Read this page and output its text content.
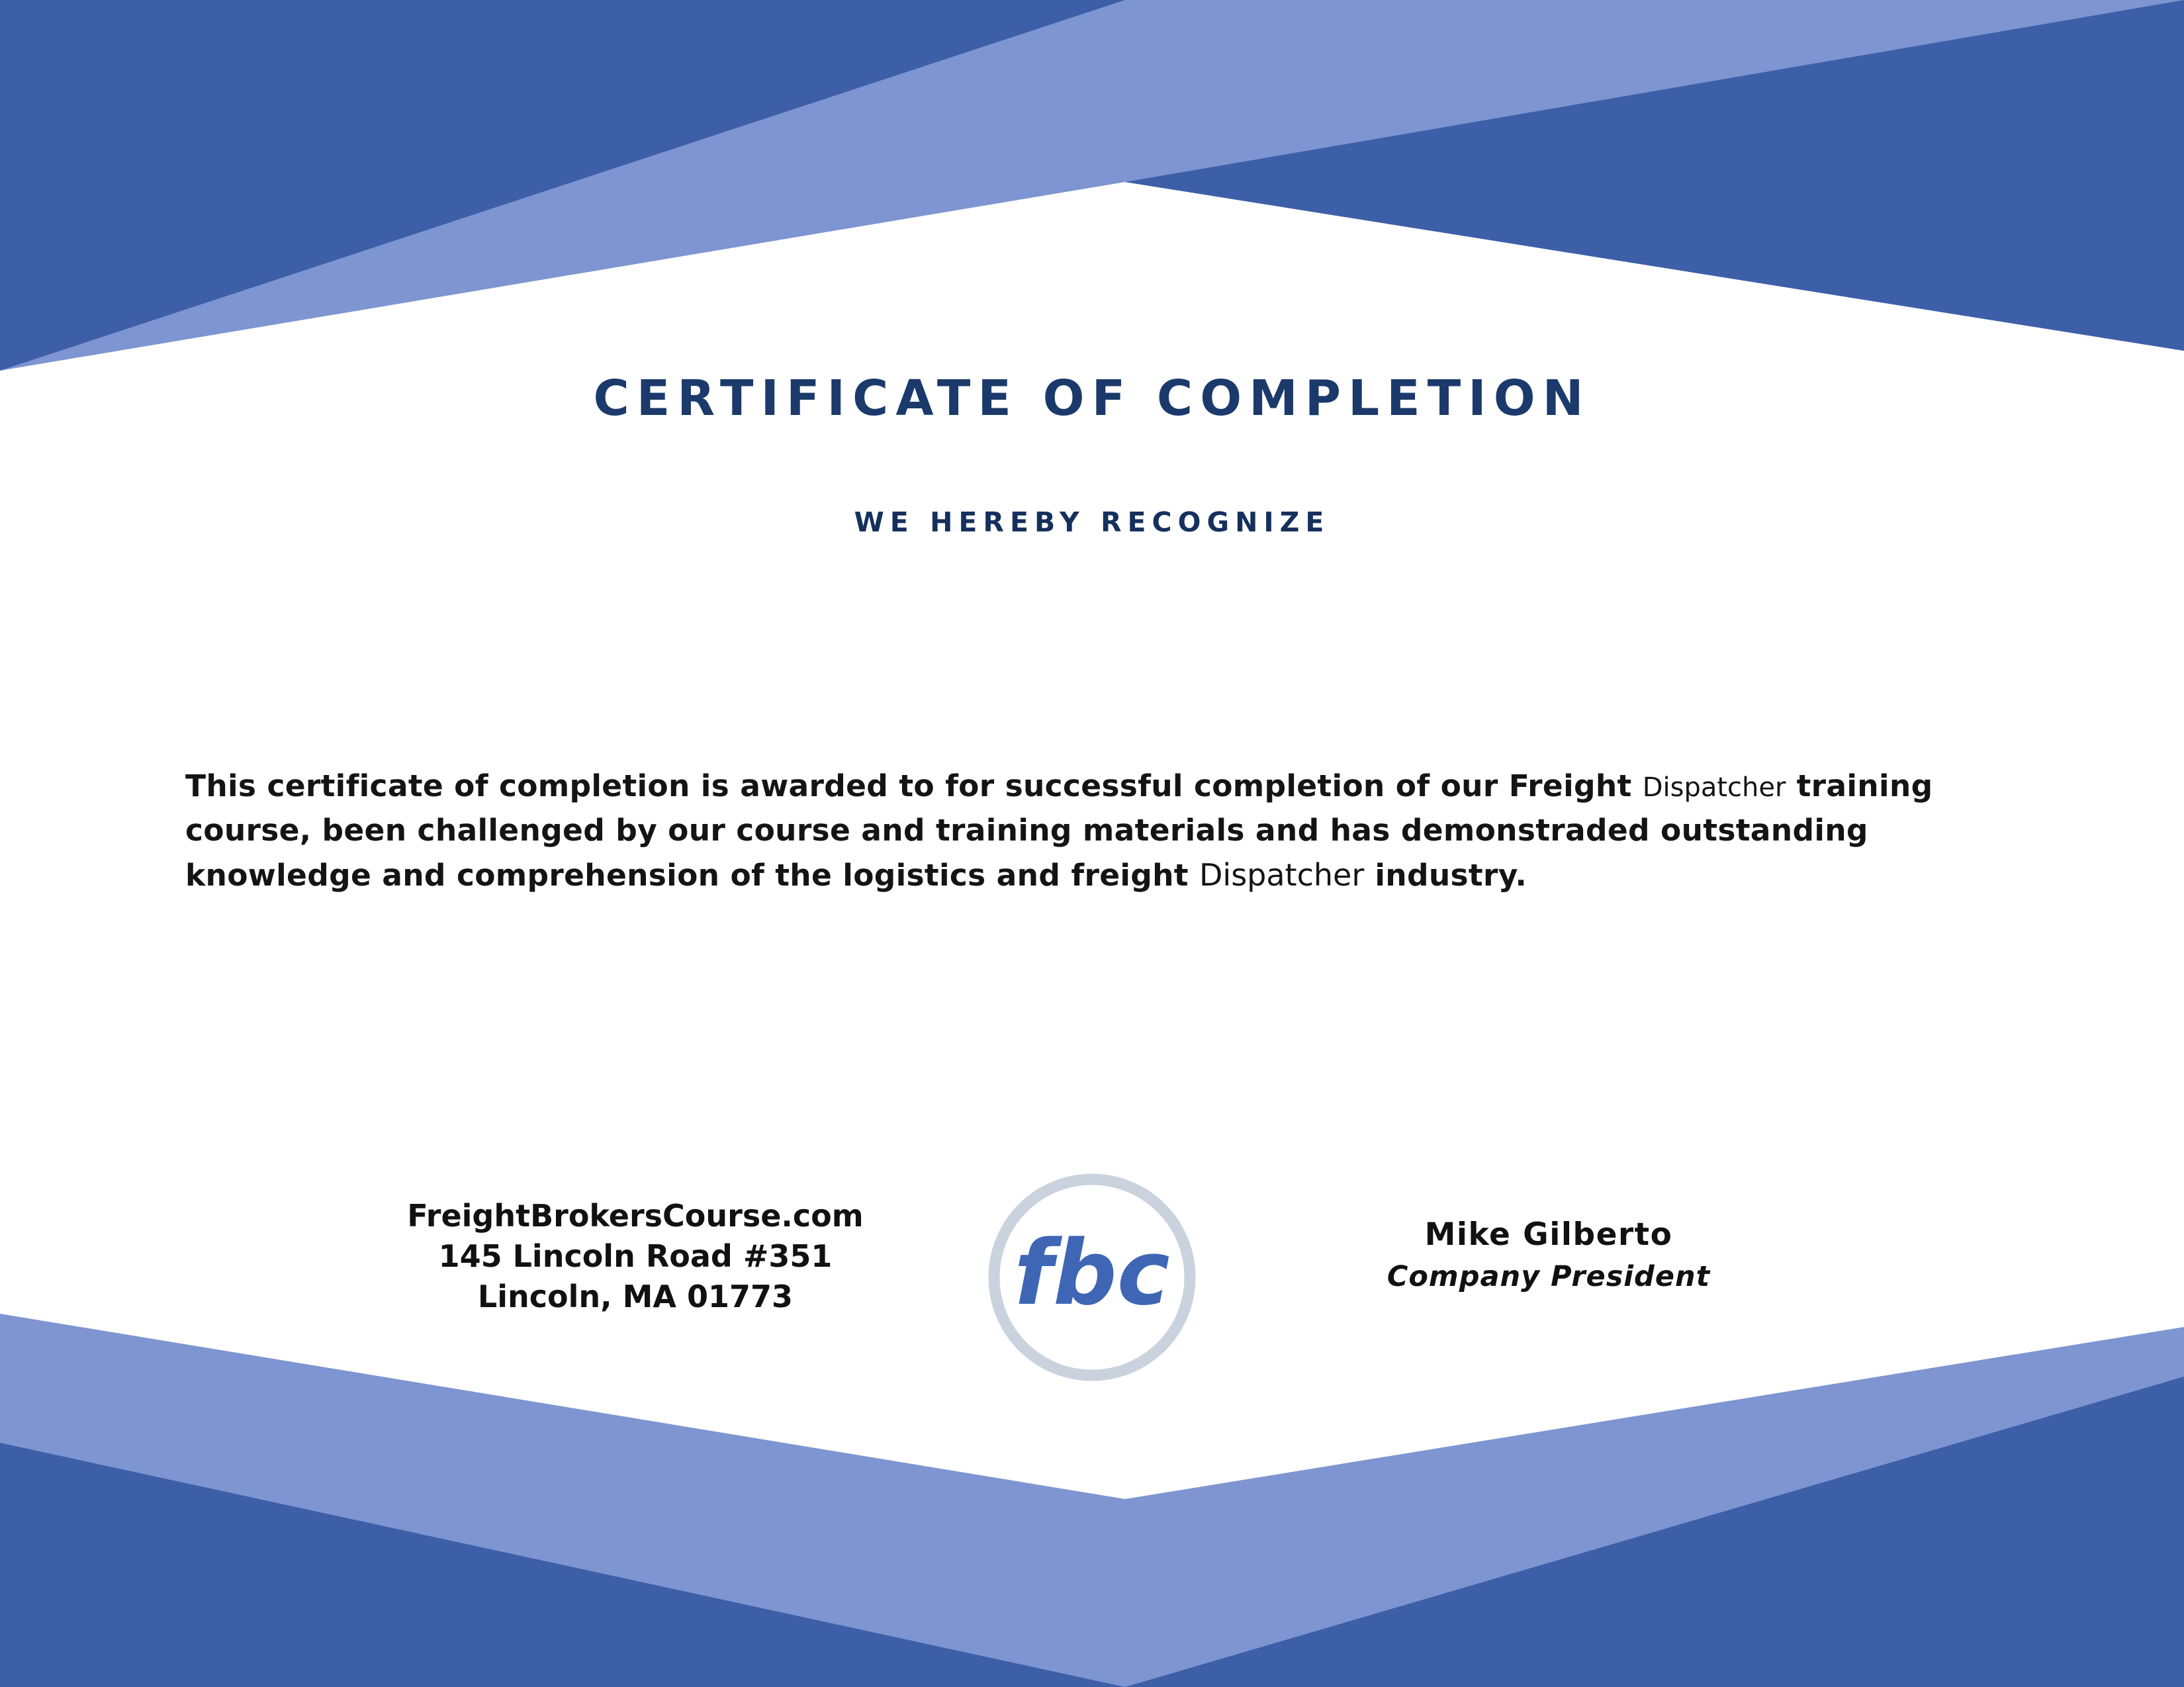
CERTIFICATE OF COMPLETION
WE HEREBY RECOGNIZE
This certificate of completion is awarded to for successful completion of our Freight Dispatcher training course, been challenged by our course and training materials and has demonstraded outstanding knowledge and comprehension of the logistics and freight Dispatcher industry.
FreightBrokersCourse.com
145 Lincoln Road #351
Lincoln, MA 01773	fbc	Mike Gilberto
Company President
